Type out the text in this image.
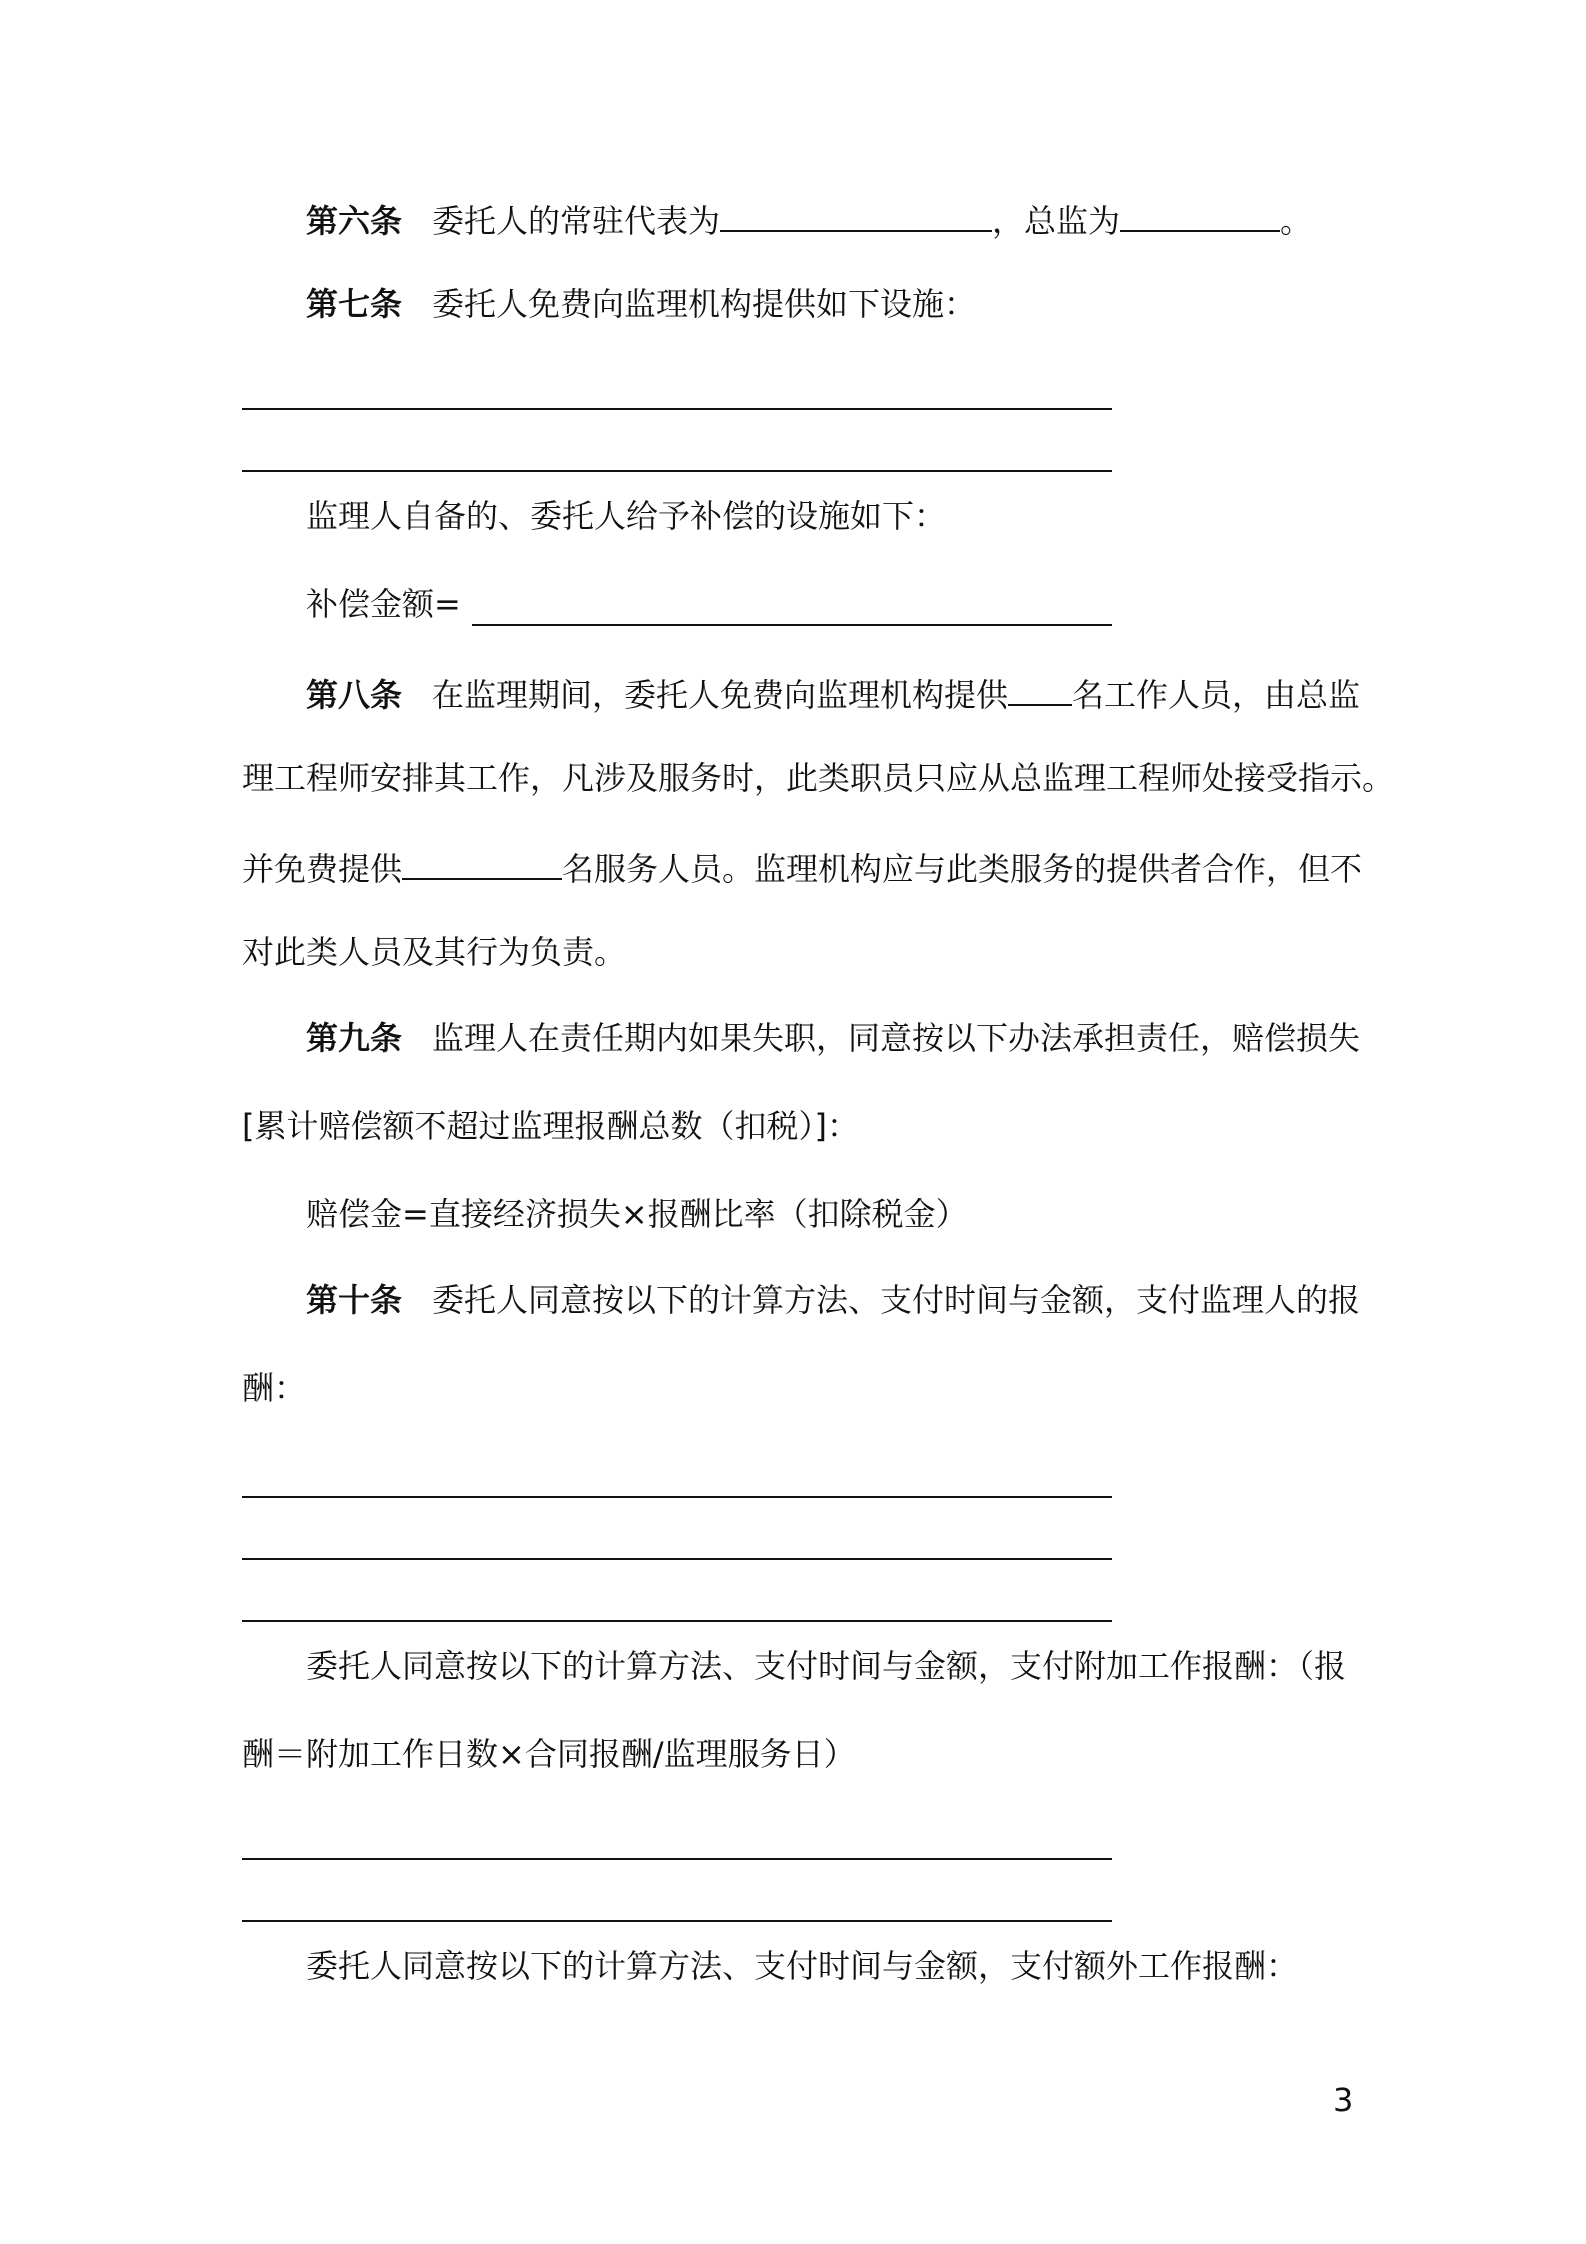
第六条 委托人的常驻代表为	，总监为	。

第七条 委托人免费向监理机构提供如下设施：

监理人自备的、委托人给予补偿的设施如下：

补偿金额=

第八条 在监理期间，委托人免费向监理机构提供 名工作人员，由总监

理工程师安排其工作，凡涉及服务时，此类职员只应从总监理工程师处接受指示。

并免费提供	名服务人员。监理机构应与此类服务的提供者合作，但不

对此类人员及其行为负责。

第九条 监理人在责任期内如果失职，同意按以下办法承担责任，赔偿损失

[累计赔偿额不超过监理报酬总数（扣税）]：

赔偿金=直接经济损失×报酬比率（扣除税金）

第十条 委托人同意按以下的计算方法、支付时间与金额，支付监理人的报

酬：

委托人同意按以下的计算方法、支付时间与金额，支付附加工作报酬：（报

酬＝附加工作日数×合同报酬/监理服务日）

委托人同意按以下的计算方法、支付时间与金额，支付额外工作报酬：

3
